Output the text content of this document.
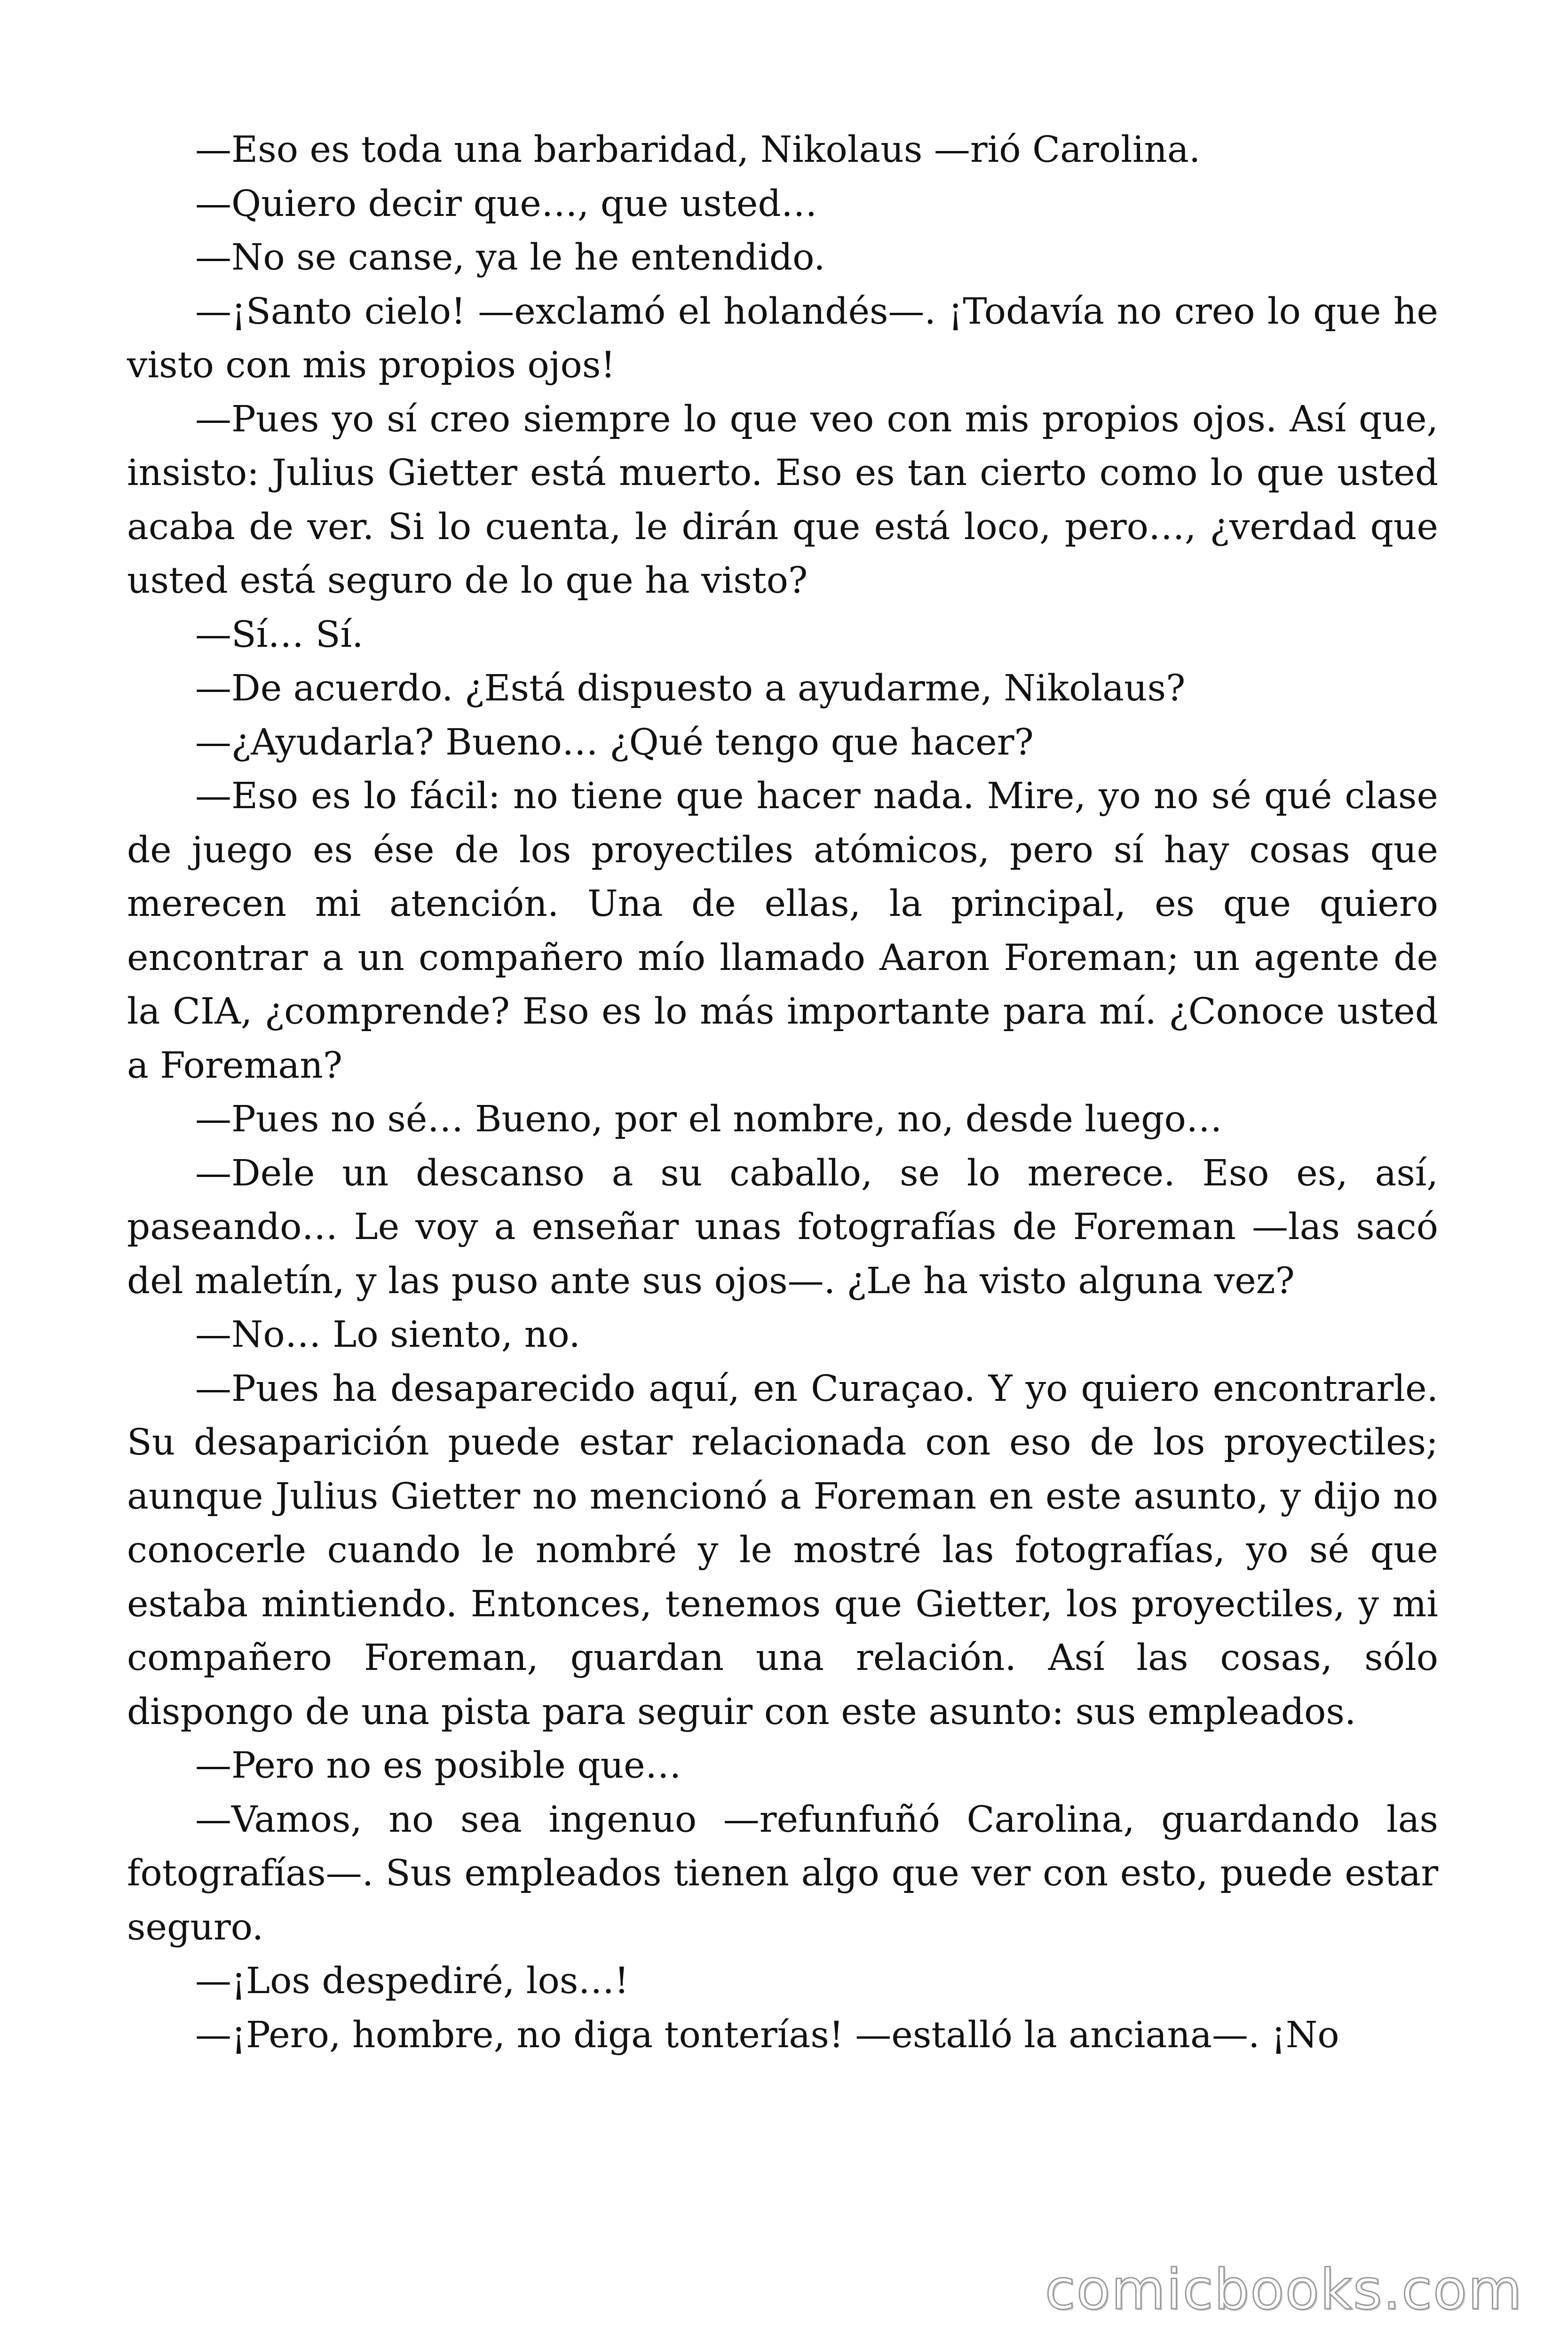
—Eso es toda una barbaridad, Nikolaus —rió Carolina.

—Quiero decir que…, que usted…

—No se canse, ya le he entendido.

—¡Santo cielo! —exclamó el holandés—. ¡Todavía no creo lo que he visto con mis propios ojos!

—Pues yo sí creo siempre lo que veo con mis propios ojos. Así que, insisto: Julius Gietter está muerto. Eso es tan cierto como lo que usted acaba de ver. Si lo cuenta, le dirán que está loco, pero…, ¿verdad que usted está seguro de lo que ha visto?

—Sí… Sí.

—De acuerdo. ¿Está dispuesto a ayudarme, Nikolaus?

—¿Ayudarla? Bueno… ¿Qué tengo que hacer?

—Eso es lo fácil: no tiene que hacer nada. Mire, yo no sé qué clase de juego es ése de los proyectiles atómicos, pero sí hay cosas que merecen mi atención. Una de ellas, la principal, es que quiero encontrar a un compañero mío llamado Aaron Foreman; un agente de la CIA, ¿comprende? Eso es lo más importante para mí. ¿Conoce usted a Foreman?

—Pues no sé… Bueno, por el nombre, no, desde luego…

—Dele un descanso a su caballo, se lo merece. Eso es, así, paseando… Le voy a enseñar unas fotografías de Foreman —las sacó del maletín, y las puso ante sus ojos—. ¿Le ha visto alguna vez?

—No… Lo siento, no.

—Pues ha desaparecido aquí, en Curaçao. Y yo quiero encontrarle. Su desaparición puede estar relacionada con eso de los proyectiles; aunque Julius Gietter no mencionó a Foreman en este asunto, y dijo no conocerle cuando le nombré y le mostré las fotografías, yo sé que estaba mintiendo. Entonces, tenemos que Gietter, los proyectiles, y mi compañero Foreman, guardan una relación. Así las cosas, sólo dispongo de una pista para seguir con este asunto: sus empleados.

—Pero no es posible que…

—Vamos, no sea ingenuo —refunfuñó Carolina, guardando las fotografías—. Sus empleados tienen algo que ver con esto, puede estar seguro.

—¡Los despediré, los…!

—¡Pero, hombre, no diga tonterías! —estalló la anciana—. ¡No

comicbooks.com
